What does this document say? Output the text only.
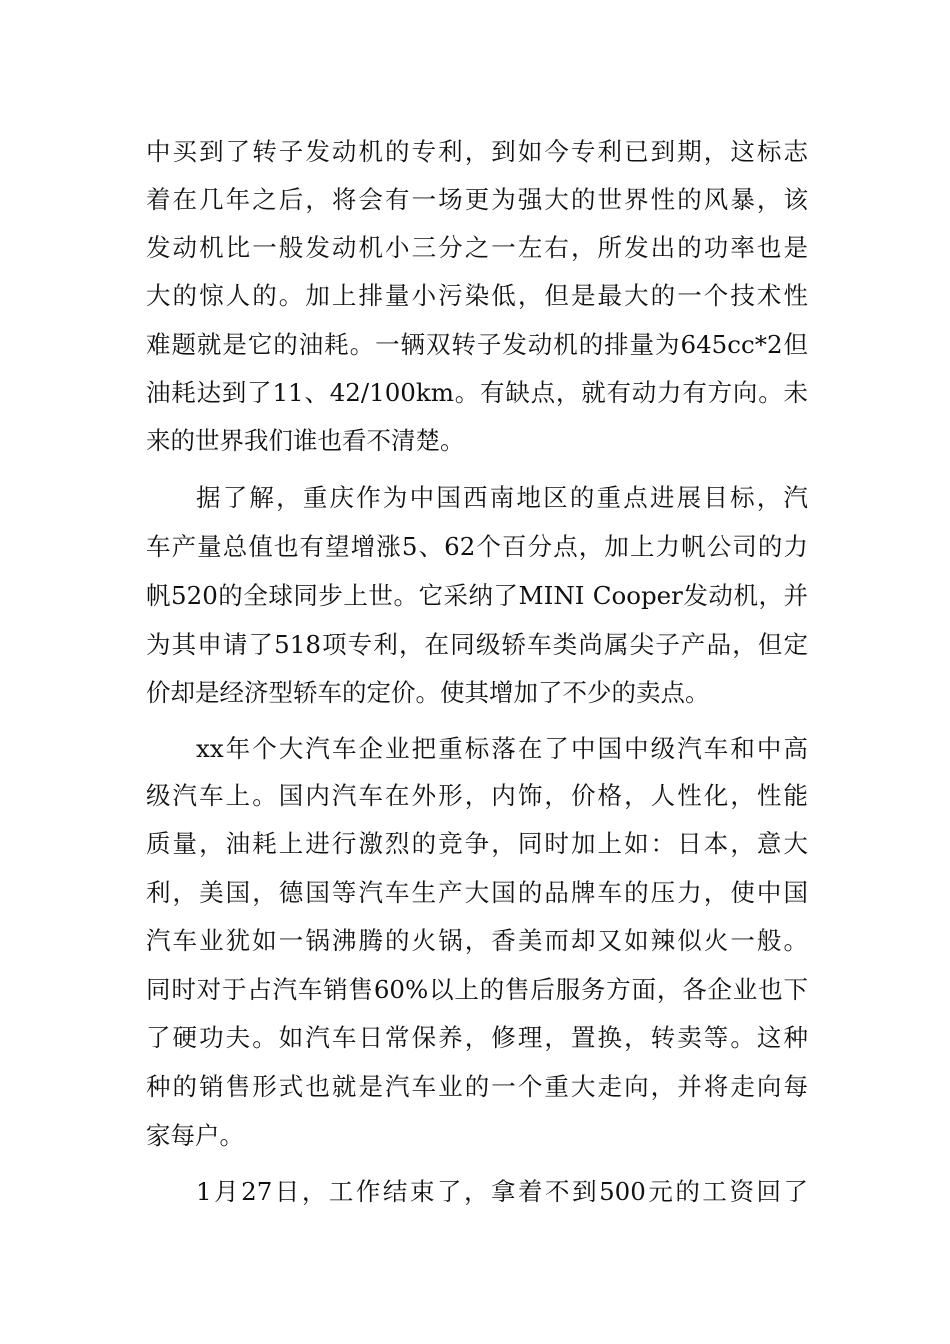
中买到了转子发动机的专利，到如今专利已到期，这标志
着在几年之后，将会有一场更为强大的世界性的风暴，该
发动机比一般发动机小三分之一左右，所发出的功率也是
大的惊人的。加上排量小污染低，但是最大的一个技术性
难题就是它的油耗。一辆双转子发动机的排量为645cc*2但
油耗达到了11、42/100km。有缺点，就有动力有方向。未
来的世界我们谁也看不清楚。
据了解，重庆作为中国西南地区的重点进展目标，汽
车产量总值也有望增涨5、62个百分点，加上力帆公司的力
帆520的全球同步上世。它采纳了MINI Cooper发动机，并
为其申请了518项专利，在同级轿车类尚属尖子产品，但定
价却是经济型轿车的定价。使其增加了不少的卖点。
xx年个大汽车企业把重标落在了中国中级汽车和中高
级汽车上。国内汽车在外形，内饰，价格，人性化，性能
质量，油耗上进行激烈的竞争，同时加上如：日本，意大
利，美国，德国等汽车生产大国的品牌车的压力，使中国
汽车业犹如一锅沸腾的火锅，香美而却又如辣似火一般。
同时对于占汽车销售60%以上的售后服务方面，各企业也下
了硬功夫。如汽车日常保养，修理，置换，转卖等。这种
种的销售形式也就是汽车业的一个重大走向，并将走向每
家每户。
1月27日，工作结束了，拿着不到500元的工资回了
